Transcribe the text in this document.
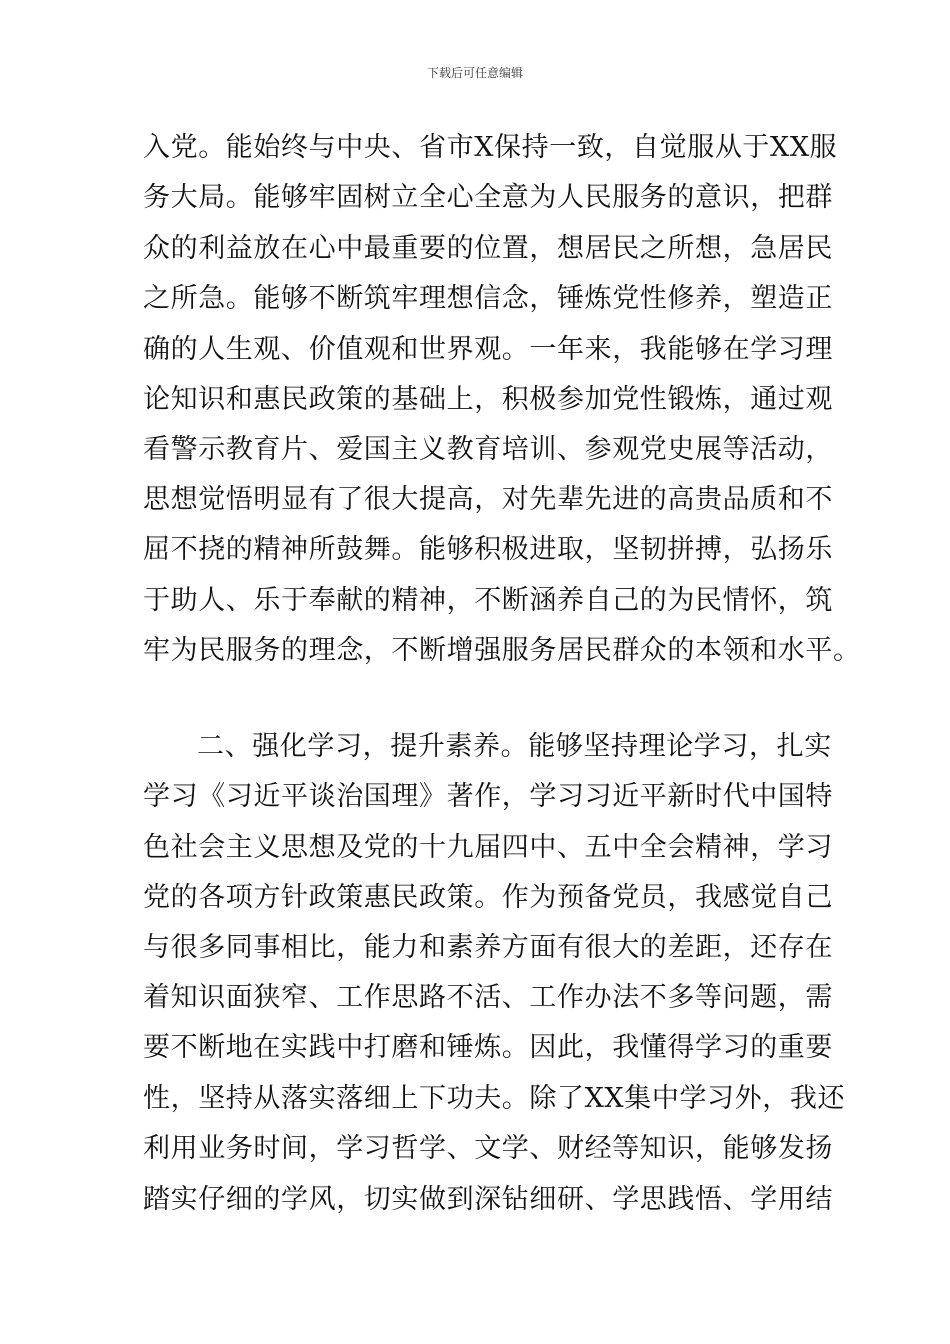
下载后可任意编辑
入党。能始终与中央、省市X保持一致，自觉服从于XX服
务大局。能够牢固树立全心全意为人民服务的意识，把群
众的利益放在心中最重要的位置，想居民之所想，急居民
之所急。能够不断筑牢理想信念，锤炼党性修养，塑造正
确的人生观、价值观和世界观。一年来，我能够在学习理
论知识和惠民政策的基础上，积极参加党性锻炼，通过观
看警示教育片、爱国主义教育培训、参观党史展等活动，
思想觉悟明显有了很大提高，对先辈先进的高贵品质和不
屈不挠的精神所鼓舞。能够积极进取，坚韧拼搏，弘扬乐
于助人、乐于奉献的精神，不断涵养自己的为民情怀，筑
牢为民服务的理念，不断增强服务居民群众的本领和水平。
二、强化学习，提升素养。能够坚持理论学习，扎实
学习《习近平谈治国理》著作，学习习近平新时代中国特
色社会主义思想及党的十九届四中、五中全会精神，学习
党的各项方针政策惠民政策。作为预备党员，我感觉自己
与很多同事相比，能力和素养方面有很大的差距，还存在
着知识面狭窄、工作思路不活、工作办法不多等问题，需
要不断地在实践中打磨和锤炼。因此，我懂得学习的重要
性，坚持从落实落细上下功夫。除了XX集中学习外，我还
利用业务时间，学习哲学、文学、财经等知识，能够发扬
踏实仔细的学风，切实做到深钻细研、学思践悟、学用结
